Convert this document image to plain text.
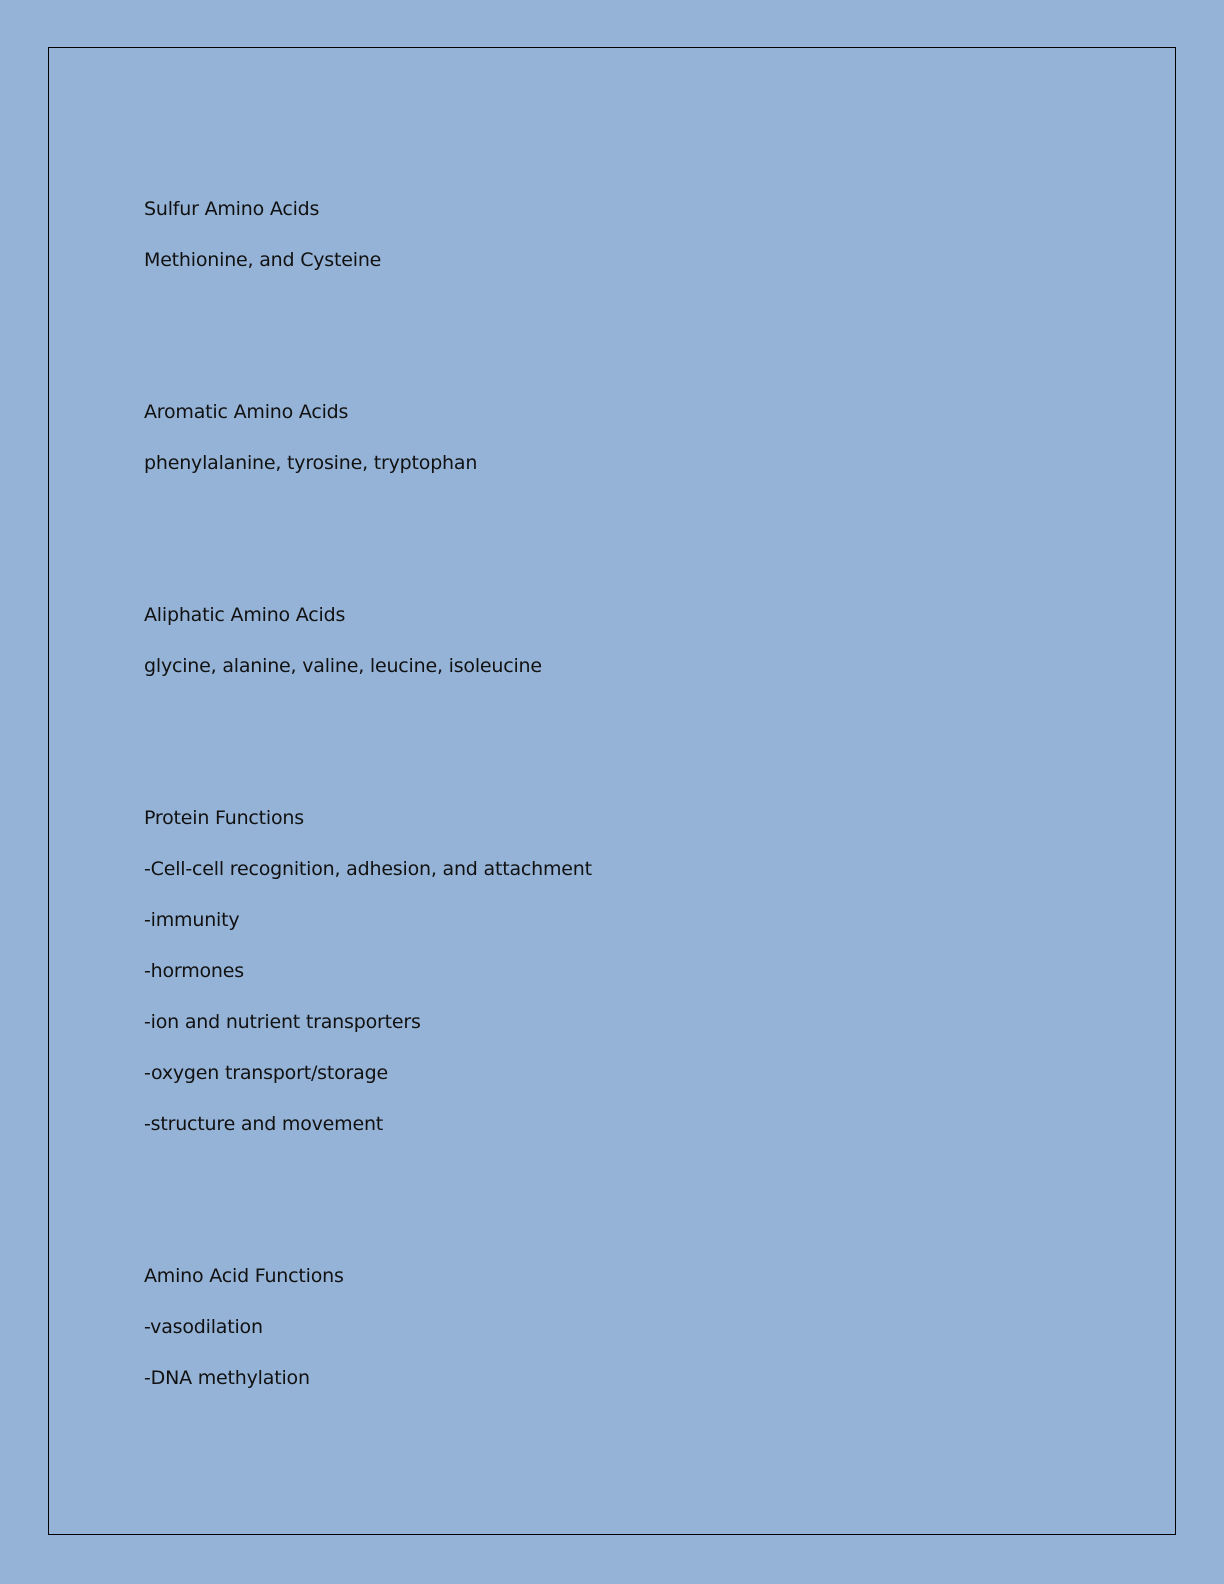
Sulfur Amino Acids
Methionine, and Cysteine
Aromatic Amino Acids
phenylalanine, tyrosine, tryptophan
Aliphatic Amino Acids
glycine, alanine, valine, leucine, isoleucine
Protein Functions
-Cell-cell recognition, adhesion, and attachment
-immunity
-hormones
-ion and nutrient transporters
-oxygen transport/storage
-structure and movement
Amino Acid Functions
-vasodilation
-DNA methylation
